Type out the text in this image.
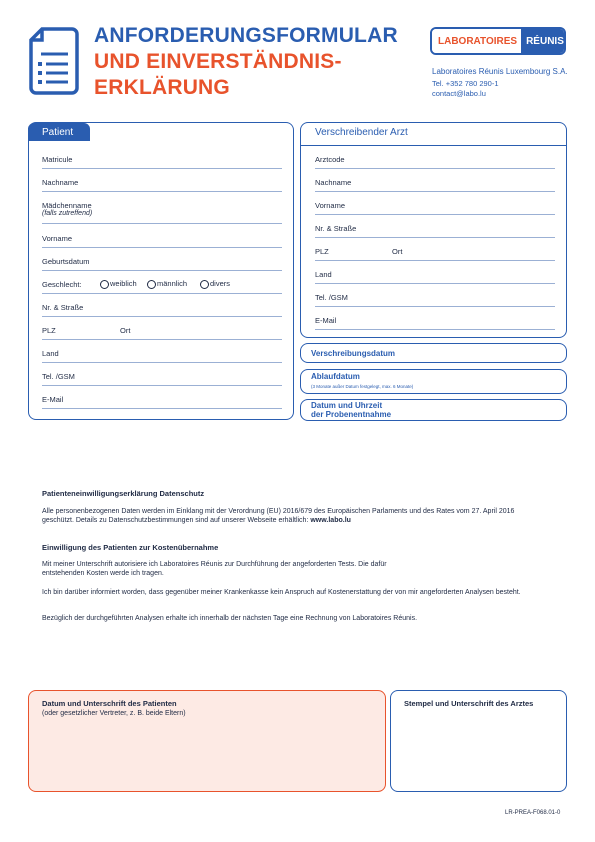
ANFORDERUNGSFORMULAR
UND EINVERSTÄNDNIS-
ERKLÄRUNG
LABORATOIRES RÉUNIS
Laboratoires Réunis Luxembourg S.A.
Tel. +352 780 290-1
contact@labo.lu
Patient
Matricule
Nachname
Mädchenname
(falls zutreffend)
Vorname
Geburtsdatum
Geschlecht:	weiblich	männlich	divers
Nr. & Straße
PLZ	Ort
Land
Tel. /GSM
E-Mail
Verschreibender Arzt
Arztcode
Nachname
Vorname
Nr. & Straße
PLZ	Ort
Land
Tel. /GSM
E-Mail
Verschreibungsdatum
Ablaufdatum
(3 Monate außer Datum festgelegt, max. 6 Monate)
Datum und Uhrzeit
der Probenentnahme
Patienteneinwilligungserklärung Datenschutz
Alle personenbezogenen Daten werden im Einklang mit der Verordnung (EU) 2016/679 des Europäischen Parlaments und des Rates vom 27. April 2016 geschützt. Details zu Datenschutzbestimmungen sind auf unserer Webseite erhältlich: www.labo.lu
Einwilligung des Patienten zur Kostenübernahme
Mit meiner Unterschrift autorisiere ich Laboratoires Réunis zur Durchführung der angeforderten Tests. Die dafür entstehenden Kosten werde ich tragen.
Ich bin darüber informiert worden, dass gegenüber meiner Krankenkasse kein Anspruch auf Kostenerstattung der von mir angeforderten Analysen besteht.
Bezüglich der durchgeführten Analysen erhalte ich innerhalb der nächsten Tage eine Rechnung von Laboratoires Réunis.
Datum und Unterschrift des Patienten
(oder gesetzlicher Vertreter, z. B. beide Eltern)
Stempel und Unterschrift des Arztes
LR-PREA-F068.01-0
